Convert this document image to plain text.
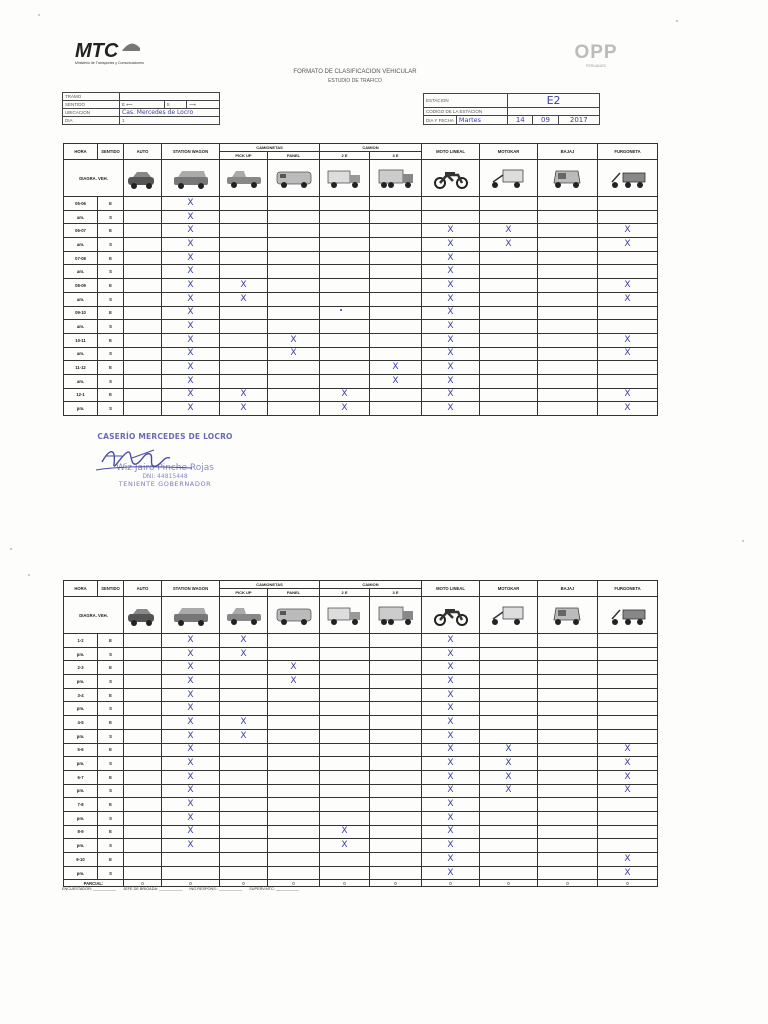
MTC
Ministerio de Transportes y Comunicaciones	OPP
PERUANOS
FORMATO DE CLASIFICACION VEHICULAR
ESTUDIO DE TRAFICO
TRAMO			
SENTIDO	E ⟵	S	⟶
UBICACION	Cas. Mercedes de Locro		
DIA	1		
ESTACION		E2		
CODIGO DE LA ESTACION				
DIA Y FECHA	Martes	14	09	2017
HORA	SENTIDO	AUTO	STATION WAGON	CAMIONETAS		CAMION		MOTO LINEAL	MOTOKAR	BAJAJ	FURGONETA
				PICK UP	PANEL	2 E	3 E				
DIAGRA. VEH.	

05-06	E		X								
am.	S		X								
06-07	E		X					X	X		X
am.	S		X					X	X		X
07-08	E		X					X			
am.	S		X					X			
08-09	E		X	X				X			X
am.	S		X	X				X			X
09-10	E		X					X			
am.	S		X					X			
10-11	E		X		X			X			X
am.	S		X		X			X			X
11-12	E		X				X	X			
am.	S		X				X	X			
12-1	E		X	X		X		X			X
pm.	S		X	X		X		X			X
CASERÍO MERCEDES DE LOCRO
Wiz Jairo Pinche Rojas
DNI: 44815448
TENIENTE GOBERNADOR
HORA	SENTIDO	AUTO	STATION WAGON	CAMIONETAS		CAMION		MOTO LINEAL	MOTOKAR	BAJAJ	FURGONETA
				PICK UP	PANEL	2 E	3 E				
DIAGRA. VEH.	

1-2	E		X	X				X			
pm.	S		X	X				X			
2-3	E		X		X			X			
pm.	S		X		X			X			
3-4	E		X					X			
pm.	S		X					X			
4-5	E		X	X				X			
pm.	S		X	X				X			
5-6	E		X					X	X		X
pm.	S		X					X	X		X
6-7	E		X					X	X		X
pm.	S		X					X	X		X
7-8	E		X					X			
pm.	S		X					X			
8-9	E		X			X		X			
pm.	S		X			X		X			
9-10	E							X			X
pm.	S							X			X
PARCIAL:		0	0	0	0	0	0	0	0	0	0
ENCUESTADOR: ___________ JEFE DE BRIGADA: ___________ ING.RESPONS.: ___________ SUPERV.MTC: ___________
